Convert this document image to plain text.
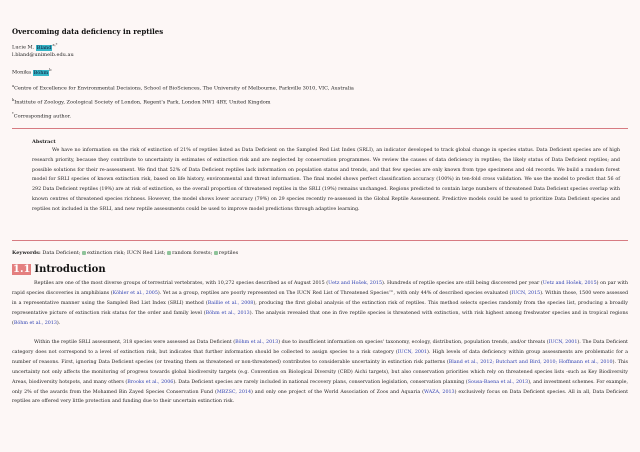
Overcoming data deficiency in reptiles
Lucie M. Bland$^{a,*}$
l.bland@unimelb.edu.au
Monika Böhm$^b$
$^a$Centre of Excellence for Environmental Decisions, School of BioSciences, The University of Melbourne, Parkville 3010, VIC, Australia
$^b$Institute of Zoology, Zoological Society of London, Regent's Park, London NW1 4RY, United Kingdom
*Corresponding author.
Abstract
We have no information on the risk of extinction of 21% of reptiles listed as Data Deficient on the Sampled Red List Index (SRLI), an indicator developed to track global change in species status. Data Deficient species are of high research priority, because they contribute to uncertainty in estimates of extinction risk and are neglected by conservation programmes. We review the causes of data deficiency in reptiles; the likely status of Data Deficient reptiles; and possible solutions for their re-assessment. We find that 52% of Data Deficient reptiles lack information on population status and trends, and that few species are only known from type specimens and old records. We build a random forest model for SRLI species of known extinction risk, based on life history, environmental and threat information. The final model shows perfect classification accuracy (100%) in ten-fold cross validation. We use the model to predict that 56 of 292 Data Deficient reptiles (19%) are at risk of extinction, so the overall proportion of threatened reptiles in the SRLI (19%) remains unchanged. Regions predicted to contain large numbers of threatened Data Deficient species overlap with known centres of threatened species richness. However, the model shows lower accuracy (79%) on 29 species recently re-assessed in the Global Reptile Assessment. Predictive models could be used to prioritize Data Deficient species and reptiles not included in the SRLI, and new reptile assessments could be used to improve model predictions through adaptive learning.
Keywords: Data Deficient; extinction risk; IUCN Red List; random forests; reptiles
1.1 Introduction
Reptiles are one of the most diverse groups of terrestrial vertebrates, with 10,272 species described as of August 2015 (Uetz and Hošek, 2015). Hundreds of reptile species are still being discovered per year (Uetz and Hošek, 2015) on par with rapid species discoveries in amphibians (Köhler et al., 2005). Yet as a group, reptiles are poorly represented on The IUCN Red List of Threatened Species™, with only 44% of described species evaluated (IUCN, 2015). Within those, 1500 were assessed in a representative manner using the Sampled Red List Index (SRLI) method (Baillie et al., 2008), producing the first global analysis of the extinction risk of reptiles. This method selects species randomly from the species list, producing a broadly representative picture of extinction risk status for the order and family level (Böhm et al., 2013). The analysis revealed that one in five reptile species is threatened with extinction, with risk highest among freshwater species and in tropical regions (Böhm et al., 2013).
Within the reptile SRLI assessment, 318 species were assessed as Data Deficient (Böhm et al., 2013) due to insufficient information on species' taxonomy, ecology, distribution, population trends, and/or threats (IUCN, 2001). The Data Deficient category does not correspond to a level of extinction risk, but indicates that further information should be collected to assign species to a risk category (IUCN, 2001). High levels of data deficiency within group assessments are problematic for a number of reasons. First, ignoring Data Deficient species (or treating them as threatened or non-threatened) contributes to considerable uncertainty in extinction risk patterns (Bland et al., 2012; Butchart and Bird, 2010; Hoffmann et al., 2010). This uncertainty not only affects the monitoring of progress towards global biodiversity targets (e.g. Convention on Biological Diversity (CBD) Aichi targets), but also conservation priorities which rely on threatened species lists -such as Key Biodiversity Areas, biodiversity hotspots, and many others (Brooks et al., 2006). Data Deficient species are rarely included in national recovery plans, conservation legislation, conservation planning (Sousa-Baena et al., 2013), and investment schemes. For example, only 2% of the awards from the Mohamed Bin Zayed Species Conservation Fund (MBZSC, 2014) and only one project of the World Association of Zoos and Aquaria (WAZA, 2013) exclusively focus on Data Deficient species. All in all, Data Deficient reptiles are offered very little protection and funding due to their uncertain extinction risk.
